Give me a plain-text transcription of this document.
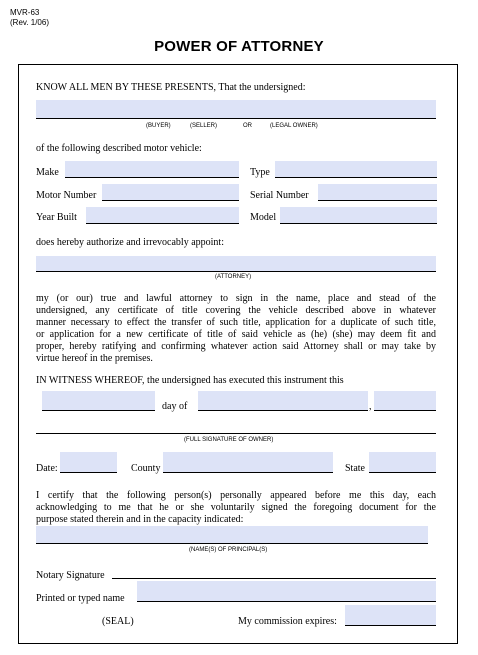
MVR-63
(Rev. 1/06)
POWER OF ATTORNEY
KNOW ALL MEN BY THESE PRESENTS, That the undersigned:
(BUYER)	(SELLER)	OR	(LEGAL OWNER)
of the following described motor vehicle:
Make	Type
Motor Number	Serial Number
Year Built	Model
does hereby authorize and irrevocably appoint:
(ATTORNEY)
my (or our) true and lawful attorney to sign in the name, place and stead of the
undersigned, any certificate of title covering the vehicle described above in whatever
manner necessary to effect the transfer of such title, application for a duplicate of such title,
or application for a new certificate of title of said vehicle as (he) (she) may deem fit and
proper, hereby ratifying and confirming whatever action said Attorney shall or may take by
virtue hereof in the premises.
IN WITNESS WHEREOF, the undersigned has executed this instrument this
day of	,
(FULL SIGNATURE OF OWNER)
Date:	County	State
I certify that the following person(s) personally appeared before me this day, each
acknowledging to me that he or she voluntarily signed the foregoing document for the
purpose stated therein and in the capacity indicated:
(NAME(S) OF PRINCIPAL(S)
Notary Signature
Printed or typed name
(SEAL)	My commission expires:
